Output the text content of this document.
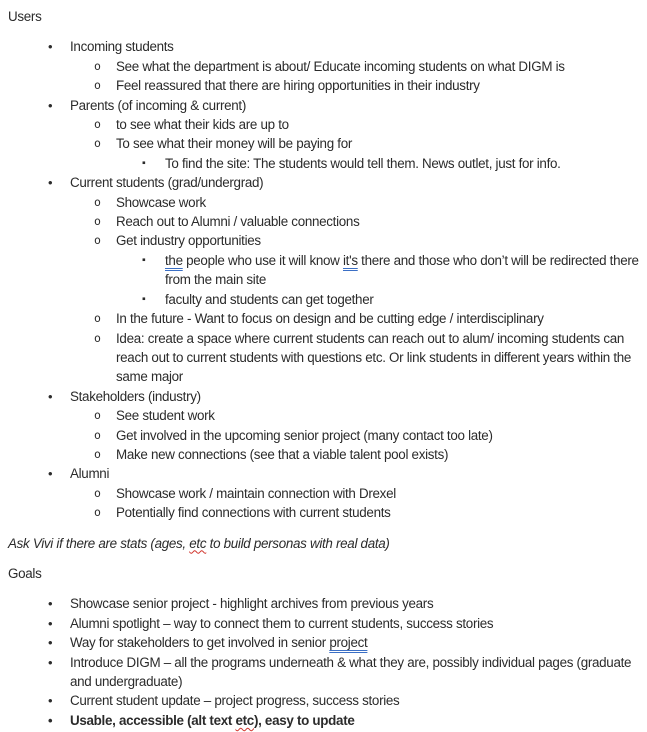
Users
•	Incoming students
o	See what the department is about/ Educate incoming students on what DIGM is
o	Feel reassured that there are hiring opportunities in their industry
•	Parents (of incoming & current)
o	to see what their kids are up to
o	To see what their money will be paying for
▪	To find the site: The students would tell them. News outlet, just for info.
•	Current students (grad/undergrad)
o	Showcase work
o	Reach out to Alumni / valuable connections
o	Get industry opportunities
▪	the people who use it will know it's there and those who don’t will be redirected there from the main site
▪	faculty and students can get together
o	In the future - Want to focus on design and be cutting edge / interdisciplinary
o	Idea: create a space where current students can reach out to alum/ incoming students can reach out to current students with questions etc. Or link students in different years within the same major
•	Stakeholders (industry)
o	See student work
o	Get involved in the upcoming senior project (many contact too late)
o	Make new connections (see that a viable talent pool exists)
•	Alumni
o	Showcase work / maintain connection with Drexel
o	Potentially find connections with current students
Ask Vivi if there are stats (ages, etc to build personas with real data)
Goals
•	Showcase senior project - highlight archives from previous years
•	Alumni spotlight – way to connect them to current students, success stories
•	Way for stakeholders to get involved in senior project
•	Introduce DIGM – all the programs underneath & what they are, possibly individual pages (graduate and undergraduate)
•	Current student update – project progress, success stories
•	Usable, accessible (alt text etc), easy to update
